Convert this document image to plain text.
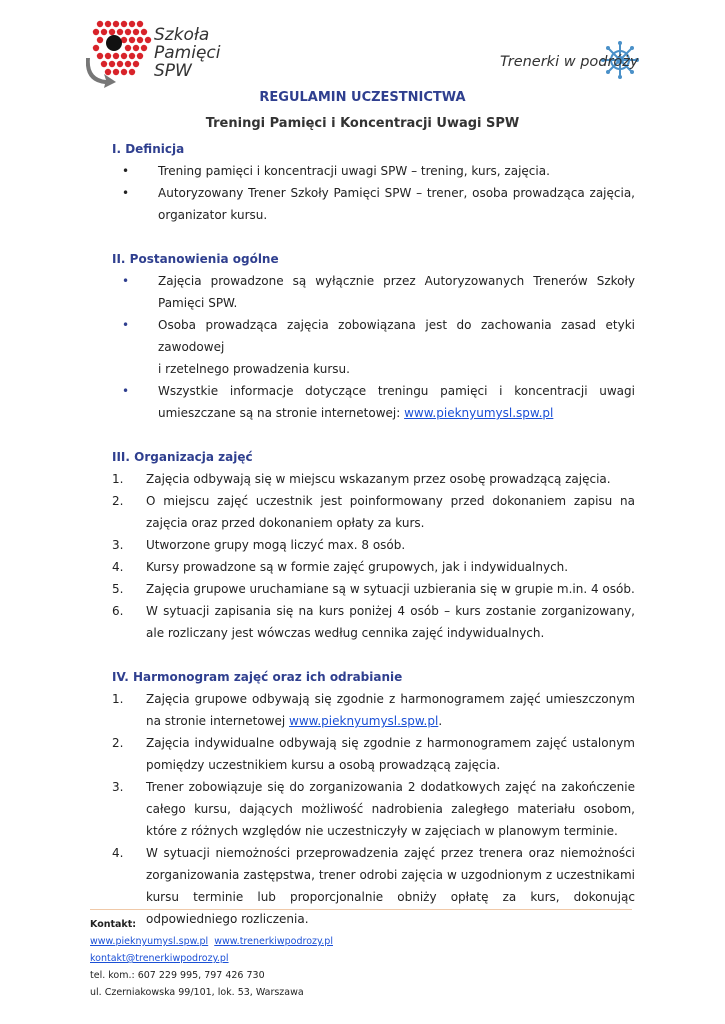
Szkoła
Pamięci
SPW	Trenerki w podróży
REGULAMIN UCZESTNICTWA
Treningi Pamięci i Koncentracji Uwagi SPW

I. Definicja

• Trening pamięci i koncentracji uwagi SPW – trening, kurs, zajęcia.
• Autoryzowany Trener Szkoły Pamięci SPW – trener, osoba prowadząca zajęcia, organizator kursu.

II. Postanowienia ogólne

• Zajęcia prowadzone są wyłącznie przez Autoryzowanych Trenerów Szkoły Pamięci SPW.
• Osoba prowadząca zajęcia zobowiązana jest do zachowania zasad etyki zawodowej
i rzetelnego prowadzenia kursu.
• Wszystkie informacje dotyczące treningu pamięci i koncentracji uwagi umieszczane są na stronie internetowej: www.pieknyumysl.spw.pl

III. Organizacja zajęć

1. Zajęcia odbywają się w miejscu wskazanym przez osobę prowadzącą zajęcia.
2. O miejscu zajęć uczestnik jest poinformowany przed dokonaniem zapisu na zajęcia oraz przed dokonaniem opłaty za kurs.
3. Utworzone grupy mogą liczyć max. 8 osób.
4. Kursy prowadzone są w formie zajęć grupowych, jak i indywidualnych.
5. Zajęcia grupowe uruchamiane są w sytuacji uzbierania się w grupie m.in. 4 osób.
6. W sytuacji zapisania się na kurs poniżej 4 osób – kurs zostanie zorganizowany, ale rozliczany jest wówczas według cennika zajęć indywidualnych.

IV. Harmonogram zajęć oraz ich odrabianie

1. Zajęcia grupowe odbywają się zgodnie z harmonogramem zajęć umieszczonym na stronie internetowej www.pieknyumysl.spw.pl.
2. Zajęcia indywidualne odbywają się zgodnie z harmonogramem zajęć ustalonym pomiędzy uczestnikiem kursu a osobą prowadzącą zajęcia.
3. Trener zobowiązuje się do zorganizowania 2 dodatkowych zajęć na zakończenie całego kursu, dających możliwość nadrobienia zaległego materiału osobom, które z różnych względów nie uczestniczyły w zajęciach w planowym terminie.
4. W sytuacji niemożności przeprowadzenia zajęć przez trenera oraz niemożności zorganizowania zastępstwa, trener odrobi zajęcia w uzgodnionym z uczestnikami kursu terminie lub proporcjonalnie obniży opłatę za kurs, dokonując odpowiedniego rozliczenia.
Kontakt:
www.pieknyumysl.spw.pl www.trenerkiwpodrozy.pl
kontakt@trenerkiwpodrozy.pl
tel. kom.: 607 229 995, 797 426 730
ul. Czerniakowska 99/101, lok. 53, Warszawa
